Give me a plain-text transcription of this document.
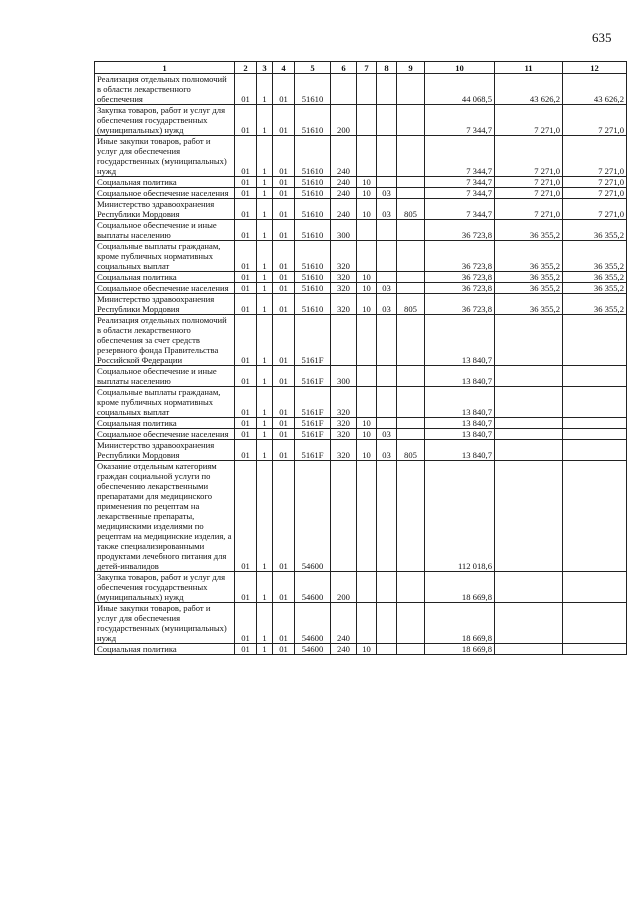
635
1	2	3	4	5	6	7	8	9	10	11	12
Реализация отдельных полномочий в области лекарственного обеспечения	01	1	01	51610					44 068,5	43 626,2	43 626,2
Закупка товаров, работ и услуг для обеспечения государственных (муниципальных) нужд	01	1	01	51610	200				7 344,7	7 271,0	7 271,0
Иные закупки товаров, работ и услуг для обеспечения государственных (муниципальных) нужд	01	1	01	51610	240				7 344,7	7 271,0	7 271,0
Социальная политика	01	1	01	51610	240	10			7 344,7	7 271,0	7 271,0
Социальное обеспечение населения	01	1	01	51610	240	10	03		7 344,7	7 271,0	7 271,0
Министерство здравоохранения Республики Мордовия	01	1	01	51610	240	10	03	805	7 344,7	7 271,0	7 271,0
Социальное обеспечение и иные выплаты населению	01	1	01	51610	300				36 723,8	36 355,2	36 355,2
Социальные выплаты гражданам, кроме публичных нормативных социальных выплат	01	1	01	51610	320				36 723,8	36 355,2	36 355,2
Социальная политика	01	1	01	51610	320	10			36 723,8	36 355,2	36 355,2
Социальное обеспечение населения	01	1	01	51610	320	10	03		36 723,8	36 355,2	36 355,2
Министерство здравоохранения Республики Мордовия	01	1	01	51610	320	10	03	805	36 723,8	36 355,2	36 355,2
Реализация отдельных полномочий в области лекарственного обеспечения за счет средств резервного фонда Правительства Российской Федерации	01	1	01	5161F					13 840,7		
Социальное обеспечение и иные выплаты населению	01	1	01	5161F	300				13 840,7		
Социальные выплаты гражданам, кроме публичных нормативных социальных выплат	01	1	01	5161F	320				13 840,7		
Социальная политика	01	1	01	5161F	320	10			13 840,7		
Социальное обеспечение населения	01	1	01	5161F	320	10	03		13 840,7		
Министерство здравоохранения Республики Мордовия	01	1	01	5161F	320	10	03	805	13 840,7		
Оказание отдельным категориям граждан социальной услуги по обеспечению лекарственными препаратами для медицинского применения по рецептам на лекарственные препараты, медицинскими изделиями по рецептам на медицинские изделия, а также специализированными продуктами лечебного питания для детей-инвалидов	01	1	01	54600					112 018,6		
Закупка товаров, работ и услуг для обеспечения государственных (муниципальных) нужд	01	1	01	54600	200				18 669,8		
Иные закупки товаров, работ и услуг для обеспечения государственных (муниципальных) нужд	01	1	01	54600	240				18 669,8		
Социальная политика	01	1	01	54600	240	10			18 669,8		
